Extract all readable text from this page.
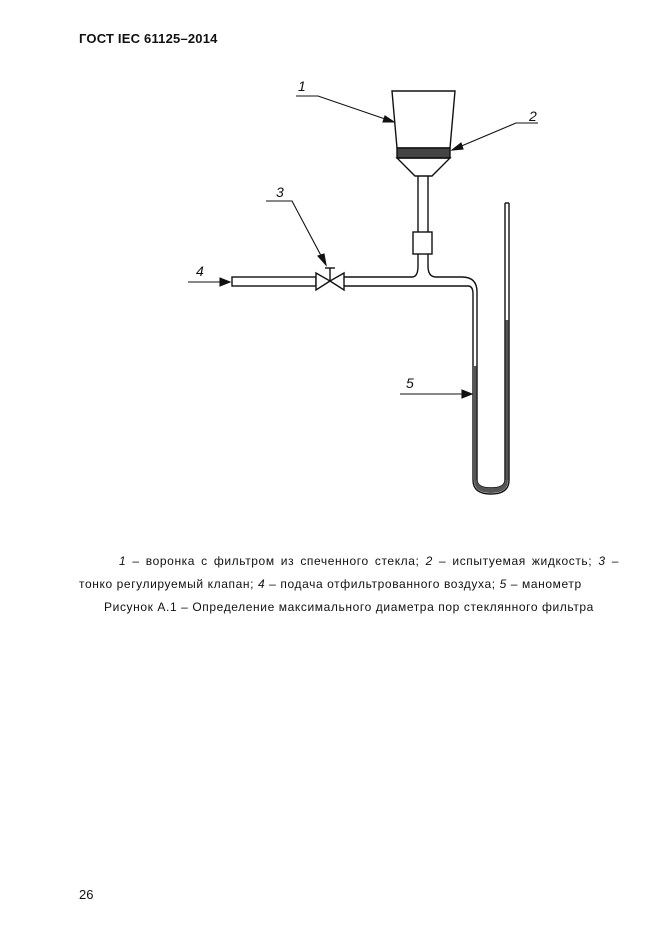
ГОСТ IEC 61125–2014
1
2
3
4
5

1 – воронка с фильтром из спеченного стекла; 2 – испытуемая жидкость; 3 –

тонко регулируемый клапан; 4 – подача отфильтрованного воздуха; 5 – манометр

Рисунок А.1 – Определение максимального диаметра пор стеклянного фильтра

26
